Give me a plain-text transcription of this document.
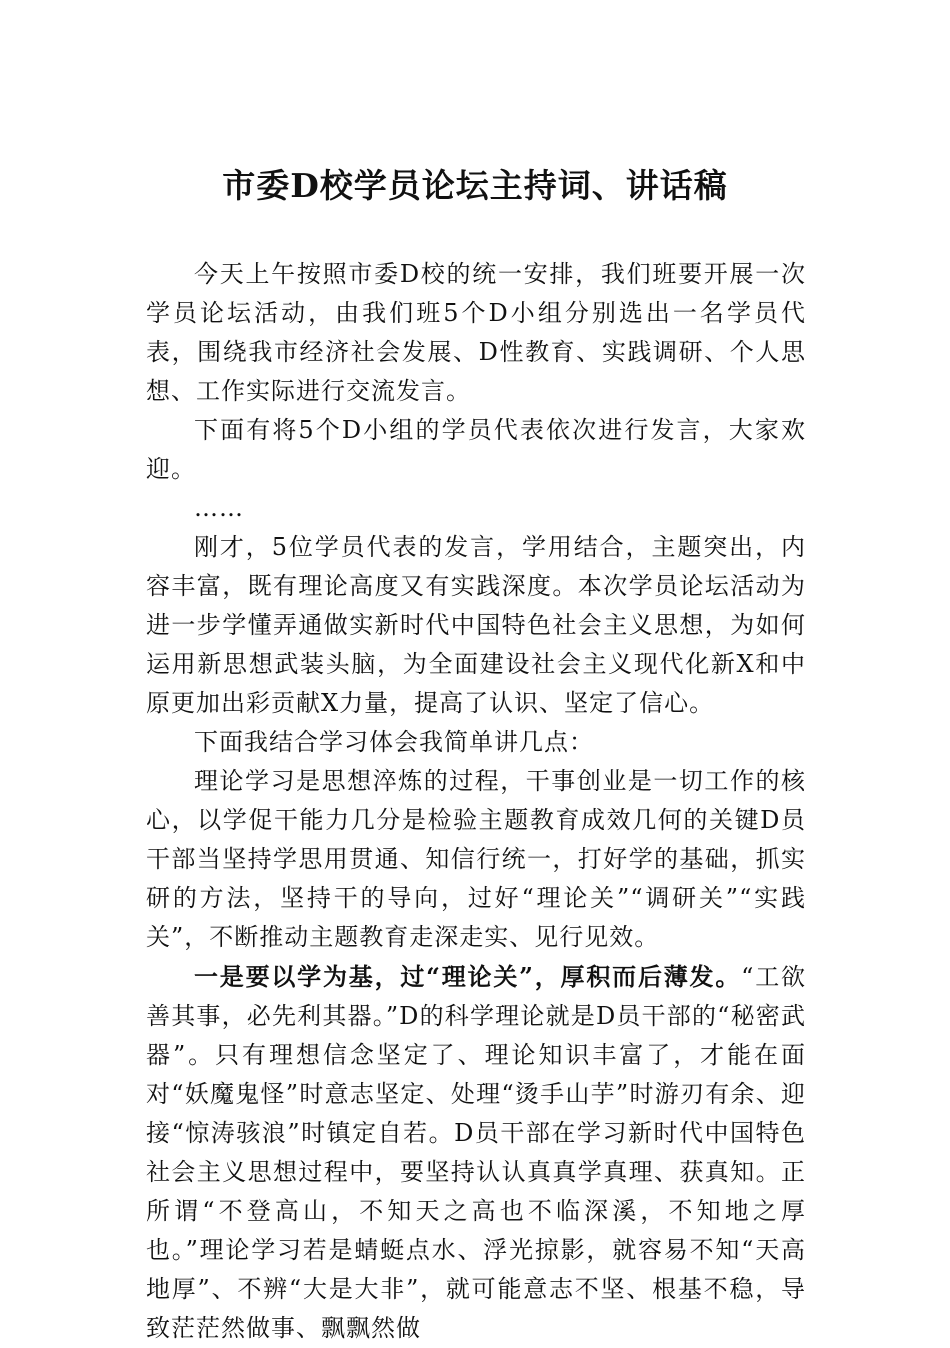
市委D校学员论坛主持词、讲话稿

今天上午按照市委D校的统一安排，我们班要开展一次学员论坛活动，由我们班5个D小组分别选出一名学员代表，围绕我市经济社会发展、D性教育、实践调研、个人思想、工作实际进行交流发言。

下面有将5个D小组的学员代表依次进行发言，大家欢迎。

……

刚才，5位学员代表的发言，学用结合，主题突出，内容丰富，既有理论高度又有实践深度。本次学员论坛活动为进一步学懂弄通做实新时代中国特色社会主义思想，为如何运用新思想武装头脑，为全面建设社会主义现代化新X和中原更加出彩贡献X力量，提高了认识、坚定了信心。

下面我结合学习体会我简单讲几点：

理论学习是思想淬炼的过程，干事创业是一切工作的核心，以学促干能力几分是检验主题教育成效几何的关键D员干部当坚持学思用贯通、知信行统一，打好学的基础，抓实研的方法，坚持干的导向，过好“理论关”“调研关”“实践关”，不断推动主题教育走深走实、见行见效。

一是要以学为基，过“理论关”，厚积而后薄发。“工欲善其事，必先利其器。”D的科学理论就是D员干部的“秘密武器”。只有理想信念坚定了、理论知识丰富了，才能在面对“妖魔鬼怪”时意志坚定、处理“烫手山芋”时游刃有余、迎接“惊涛骇浪”时镇定自若。D员干部在学习新时代中国特色社会主义思想过程中，要坚持认认真真学真理、获真知。正所谓“不登高山，不知天之高也不临深溪，不知地之厚也。”理论学习若是蜻蜓点水、浮光掠影，就容易不知“天高地厚”、不辨“大是大非”，就可能意志不坚、根基不稳，导致茫茫然做事、飘飘然做
